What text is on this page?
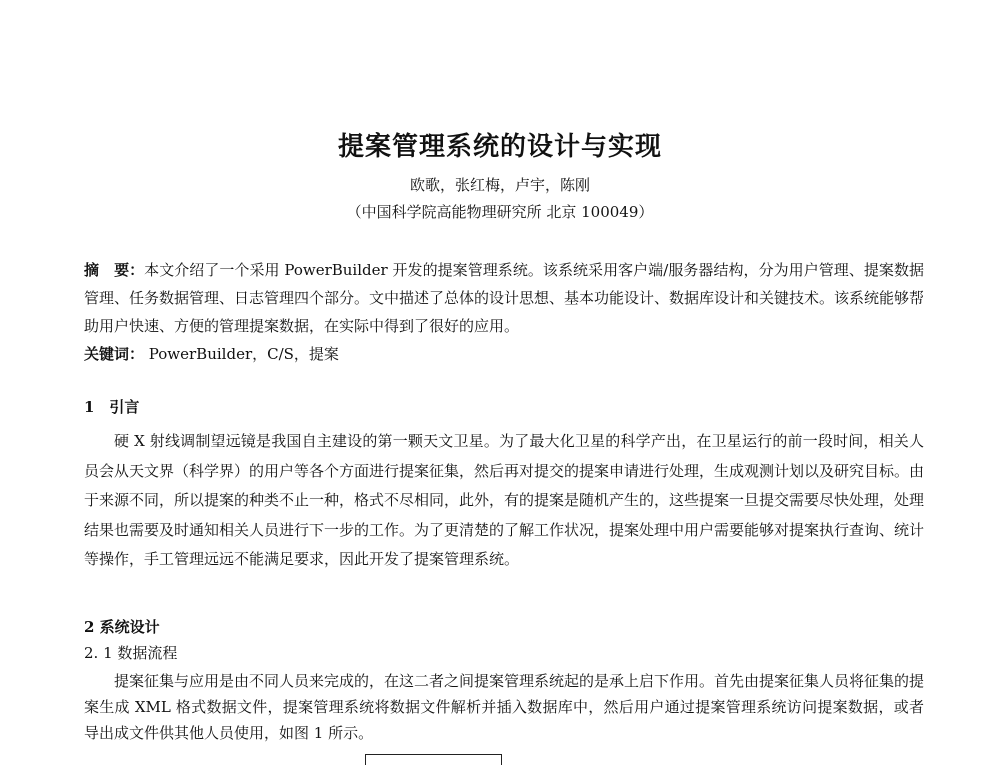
提案管理系统的设计与实现
欧歌，张红梅，卢宇，陈刚
（中国科学院高能物理研究所 北京 100049）
摘　要：本文介绍了一个采用 PowerBuilder 开发的提案管理系统。该系统采用客户端/服务器结构，分为用户管理、提案数据管理、任务数据管理、日志管理四个部分。文中描述了总体的设计思想、基本功能设计、数据库设计和关键技术。该系统能够帮助用户快速、方便的管理提案数据，在实际中得到了很好的应用。
关键词： PowerBuilder，C/S，提案
1　引言
硬 X 射线调制望远镜是我国自主建设的第一颗天文卫星。为了最大化卫星的科学产出，在卫星运行的前一段时间，相关人员会从天文界（科学界）的用户等各个方面进行提案征集，然后再对提交的提案申请进行处理，生成观测计划以及研究目标。由于来源不同，所以提案的种类不止一种，格式不尽相同，此外，有的提案是随机产生的，这些提案一旦提交需要尽快处理，处理结果也需要及时通知相关人员进行下一步的工作。为了更清楚的了解工作状况，提案处理中用户需要能够对提案执行查询、统计等操作，手工管理远远不能满足要求，因此开发了提案管理系统。
2 系统设计
2. 1 数据流程
提案征集与应用是由不同人员来完成的，在这二者之间提案管理系统起的是承上启下作用。首先由提案征集人员将征集的提案生成 XML 格式数据文件，提案管理系统将数据文件解析并插入数据库中，然后用户通过提案管理系统访问提案数据，或者导出成文件供其他人员使用，如图 1 所示。
